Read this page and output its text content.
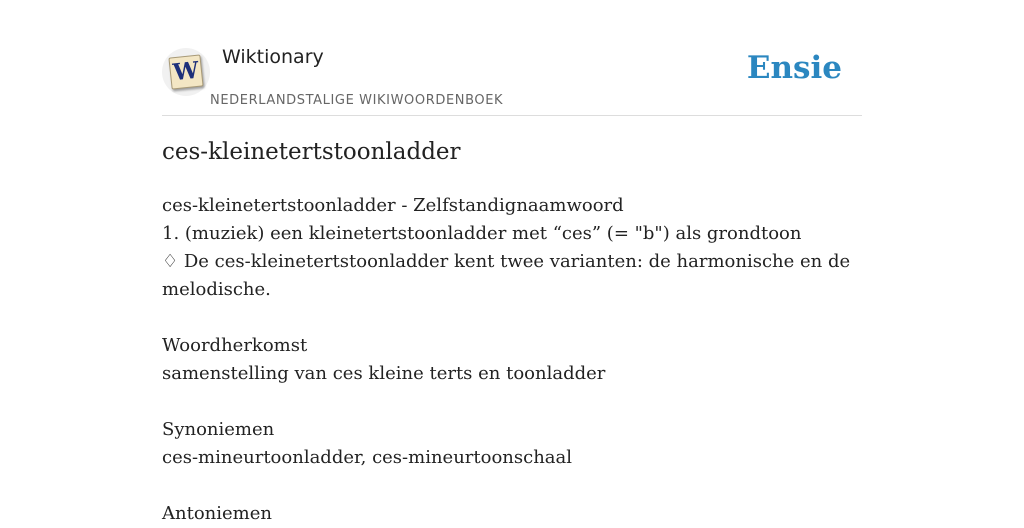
W Wiktionary
NEDERLANDSTALIGE WIKIWOORDENBOEK
Ensie
ces-kleinetertstoonladder

ces-kleinetertstoonladder - Zelfstandignaamwoord

1. (muziek) een kleinetertstoonladder met “ces” (= "b") als grondtoon

♢ De ces-kleinetertstoonladder kent twee varianten: de harmonische en de melodische.

Woordherkomst

samenstelling van ces kleine terts en toonladder

Synoniemen

ces-mineurtoonladder, ces-mineurtoonschaal

Antoniemen
